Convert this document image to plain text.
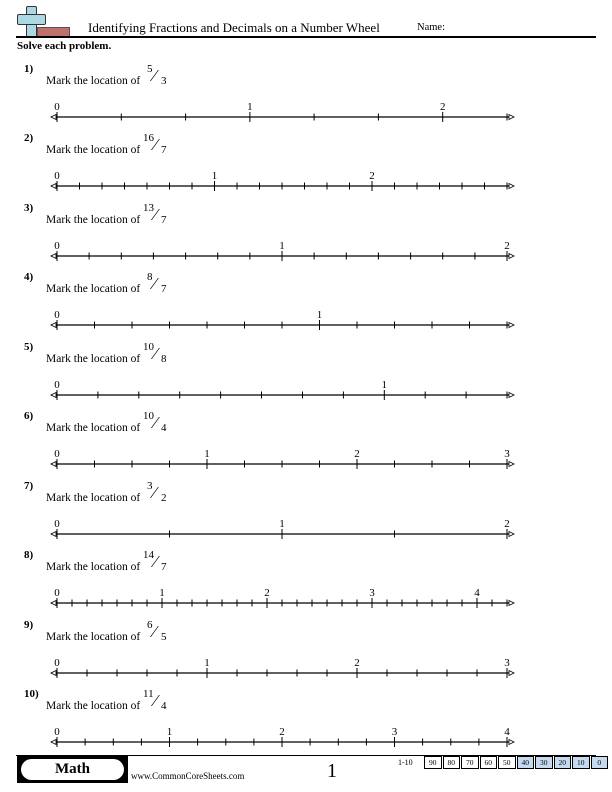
Identifying Fractions and Decimals on a Number Wheel	Name:
Solve each problem.
1)
Mark the location of
5 ⁄ 3
0	1	2
2)
Mark the location of
16 ⁄ 7
0	1	2
3)
Mark the location of
13 ⁄ 7
0	1	2
4)
Mark the location of
8 ⁄ 7
0	1
5)
Mark the location of
10 ⁄ 8
0	1
6)
Mark the location of
10 ⁄ 4
0	1	2	3
7)
Mark the location of
3 ⁄ 2
0	1	2
8)
Mark the location of
14 ⁄ 7
0	1	2	3	4
9)
Mark the location of
6 ⁄ 5
0	1	2	3
10)
Mark the location of
11 ⁄ 4
0	1	2	3	4
Math	www.CommonCoreSheets.com	1	1-10	90	80	70	60	50	40	30	20	10	0
